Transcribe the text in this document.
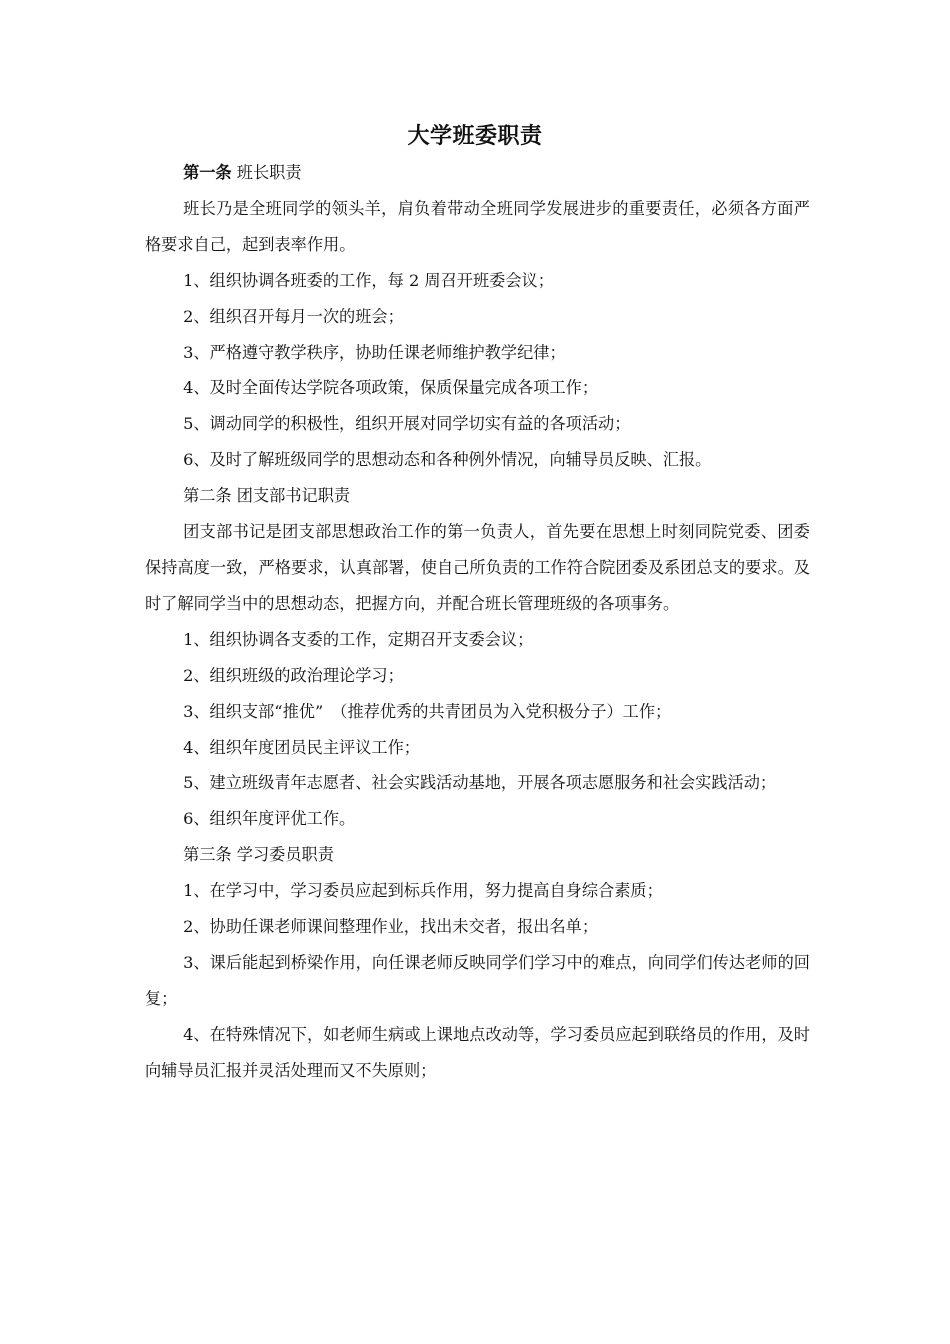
大学班委职责

第一条 班长职责

班长乃是全班同学的领头羊，肩负着带动全班同学发展进步的重要责任，必须各方面严格要求自己，起到表率作用。

1、组织协调各班委的工作，每 2 周召开班委会议；

2、组织召开每月一次的班会；

3、严格遵守教学秩序，协助任课老师维护教学纪律；

4、及时全面传达学院各项政策，保质保量完成各项工作；

5、调动同学的积极性，组织开展对同学切实有益的各项活动；

6、及时了解班级同学的思想动态和各种例外情况，向辅导员反映、汇报。

第二条 团支部书记职责

团支部书记是团支部思想政治工作的第一负责人，首先要在思想上时刻同院党委、团委保持高度一致，严格要求，认真部署，使自己所负责的工作符合院团委及系团总支的要求。及时了解同学当中的思想动态，把握方向，并配合班长管理班级的各项事务。

1、组织协调各支委的工作，定期召开支委会议；

2、组织班级的政治理论学习；

3、组织支部“推优”　（推荐优秀的共青团员为入党积极分子）工作；

4、组织年度团员民主评议工作；

5、建立班级青年志愿者、社会实践活动基地，开展各项志愿服务和社会实践活动；

6、组织年度评优工作。

第三条 学习委员职责

1、在学习中，学习委员应起到标兵作用，努力提高自身综合素质；

2、协助任课老师课间整理作业，找出未交者，报出名单；

3、课后能起到桥梁作用，向任课老师反映同学们学习中的难点，向同学们传达老师的回复；

4、在特殊情况下，如老师生病或上课地点改动等，学习委员应起到联络员的作用，及时向辅导员汇报并灵活处理而又不失原则；
